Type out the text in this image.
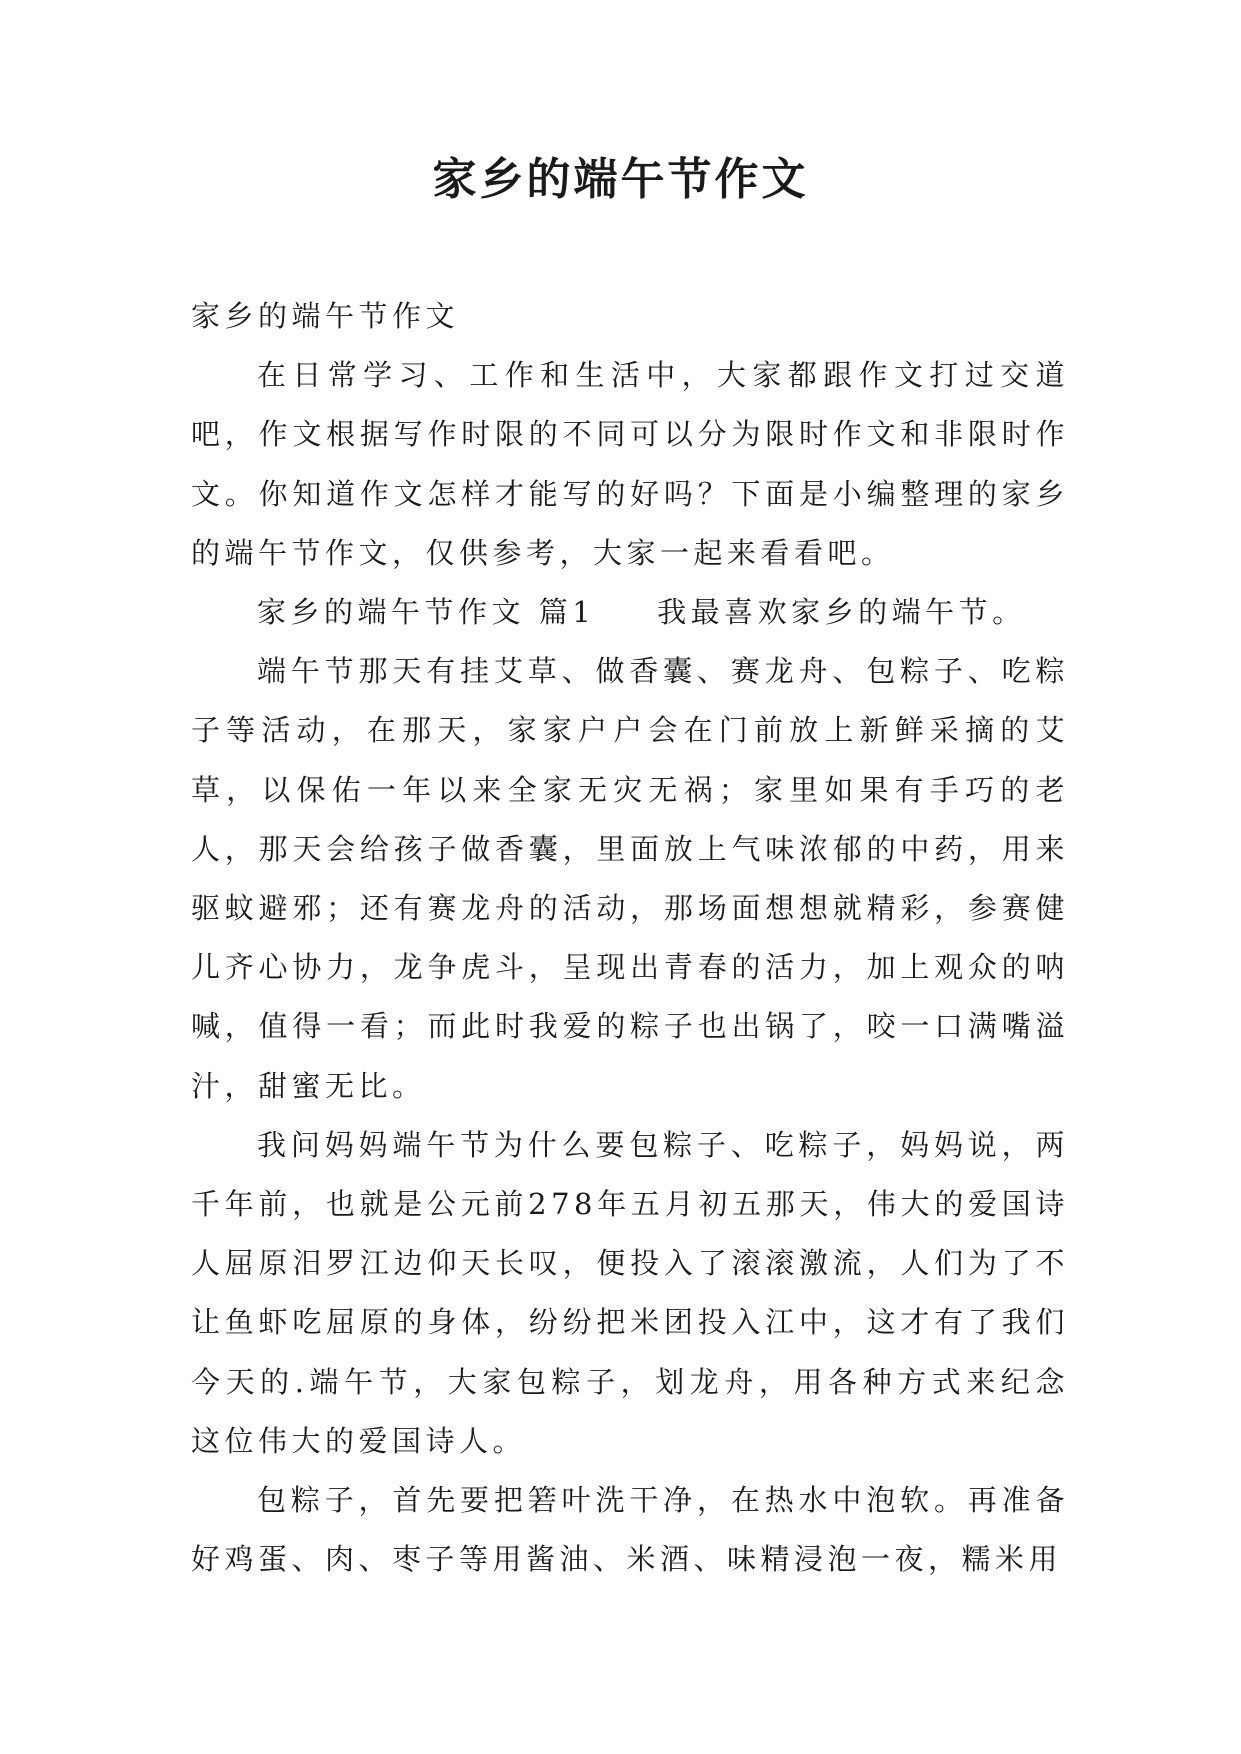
家乡的端午节作文

家乡的端午节作文

在日常学习、工作和生活中，大家都跟作文打过交道吧，作文根据写作时限的不同可以分为限时作文和非限时作文。你知道作文怎样才能写的好吗？下面是小编整理的家乡的端午节作文，仅供参考，大家一起来看看吧。

家乡的端午节作文 篇1 我最喜欢家乡的端午节。

端午节那天有挂艾草、做香囊、赛龙舟、包粽子、吃粽子等活动，在那天，家家户户会在门前放上新鲜采摘的艾草，以保佑一年以来全家无灾无祸；家里如果有手巧的老人，那天会给孩子做香囊，里面放上气味浓郁的中药，用来驱蚊避邪；还有赛龙舟的活动，那场面想想就精彩，参赛健儿齐心协力，龙争虎斗，呈现出青春的活力，加上观众的呐喊，值得一看；而此时我爱的粽子也出锅了，咬一口满嘴溢汁，甜蜜无比。

我问妈妈端午节为什么要包粽子、吃粽子，妈妈说，两千年前，也就是公元前278年五月初五那天，伟大的爱国诗人屈原汨罗江边仰天长叹，便投入了滚滚激流，人们为了不让鱼虾吃屈原的身体，纷纷把米团投入江中，这才有了我们今天的.端午节，大家包粽子，划龙舟，用各种方式来纪念这位伟大的爱国诗人。

包粽子，首先要把箬叶洗干净，在热水中泡软。再准备好鸡蛋、肉、枣子等用酱油、米酒、味精浸泡一夜，糯米用
